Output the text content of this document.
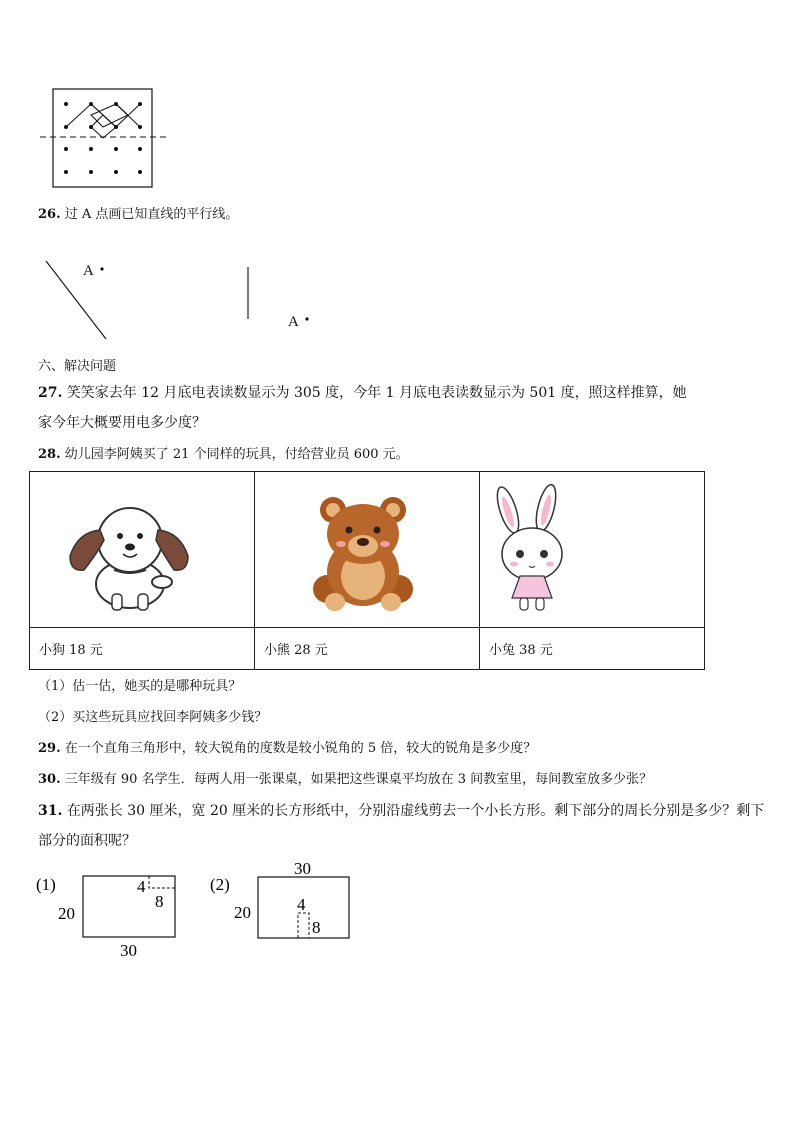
26. 过 A 点画已知直线的平行线。
A
A
六、解决问题
27. 笑笑家去年 12 月底电表读数显示为 305 度，今年 1 月底电表读数显示为 501 度，照这样推算，她
家今年大概要用电多少度？
28. 幼儿园李阿姨买了 21 个同样的玩具，付给营业员 600 元。

小狗 18 元	小熊 28 元	小兔 38 元
（1）估一估，她买的是哪种玩具？
（2）买这些玩具应找回李阿姨多少钱？
29. 在一个直角三角形中，较大锐角的度数是较小锐角的 5 倍，较大的锐角是多少度？
30. 三年级有 90 名学生．每两人用一张课桌，如果把这些课桌平均放在 3 间教室里，每间教室放多少张？
31. 在两张长 30 厘米，宽 20 厘米的长方形纸中，分别沿虚线剪去一个小长方形。剩下部分的周长分别是多少？剩下
部分的面积呢？
(1)	4
8
20
30
(2)
30
4
8
20
